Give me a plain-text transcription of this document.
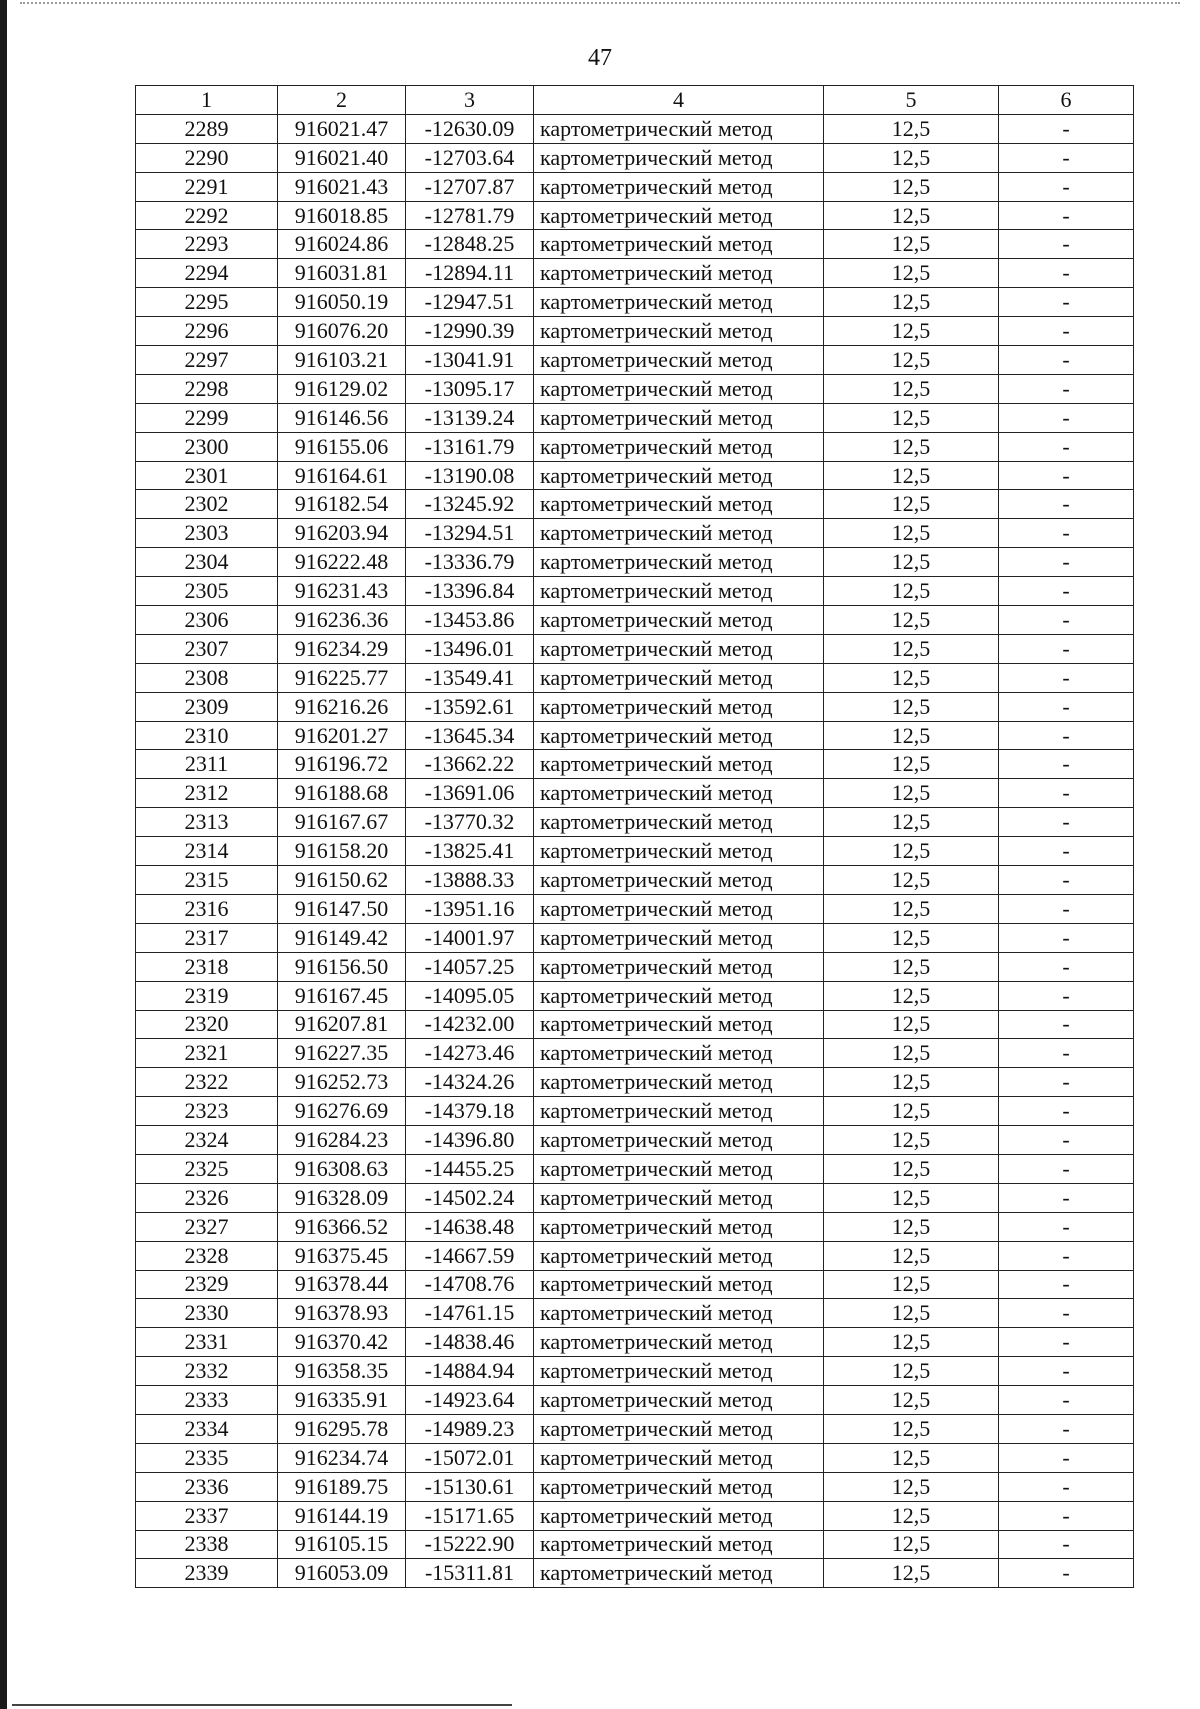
47
1	2	3	4	5	6
2289	916021.47	-12630.09	картометрический метод	12,5	-
2290	916021.40	-12703.64	картометрический метод	12,5	-
2291	916021.43	-12707.87	картометрический метод	12,5	-
2292	916018.85	-12781.79	картометрический метод	12,5	-
2293	916024.86	-12848.25	картометрический метод	12,5	-
2294	916031.81	-12894.11	картометрический метод	12,5	-
2295	916050.19	-12947.51	картометрический метод	12,5	-
2296	916076.20	-12990.39	картометрический метод	12,5	-
2297	916103.21	-13041.91	картометрический метод	12,5	-
2298	916129.02	-13095.17	картометрический метод	12,5	-
2299	916146.56	-13139.24	картометрический метод	12,5	-
2300	916155.06	-13161.79	картометрический метод	12,5	-
2301	916164.61	-13190.08	картометрический метод	12,5	-
2302	916182.54	-13245.92	картометрический метод	12,5	-
2303	916203.94	-13294.51	картометрический метод	12,5	-
2304	916222.48	-13336.79	картометрический метод	12,5	-
2305	916231.43	-13396.84	картометрический метод	12,5	-
2306	916236.36	-13453.86	картометрический метод	12,5	-
2307	916234.29	-13496.01	картометрический метод	12,5	-
2308	916225.77	-13549.41	картометрический метод	12,5	-
2309	916216.26	-13592.61	картометрический метод	12,5	-
2310	916201.27	-13645.34	картометрический метод	12,5	-
2311	916196.72	-13662.22	картометрический метод	12,5	-
2312	916188.68	-13691.06	картометрический метод	12,5	-
2313	916167.67	-13770.32	картометрический метод	12,5	-
2314	916158.20	-13825.41	картометрический метод	12,5	-
2315	916150.62	-13888.33	картометрический метод	12,5	-
2316	916147.50	-13951.16	картометрический метод	12,5	-
2317	916149.42	-14001.97	картометрический метод	12,5	-
2318	916156.50	-14057.25	картометрический метод	12,5	-
2319	916167.45	-14095.05	картометрический метод	12,5	-
2320	916207.81	-14232.00	картометрический метод	12,5	-
2321	916227.35	-14273.46	картометрический метод	12,5	-
2322	916252.73	-14324.26	картометрический метод	12,5	-
2323	916276.69	-14379.18	картометрический метод	12,5	-
2324	916284.23	-14396.80	картометрический метод	12,5	-
2325	916308.63	-14455.25	картометрический метод	12,5	-
2326	916328.09	-14502.24	картометрический метод	12,5	-
2327	916366.52	-14638.48	картометрический метод	12,5	-
2328	916375.45	-14667.59	картометрический метод	12,5	-
2329	916378.44	-14708.76	картометрический метод	12,5	-
2330	916378.93	-14761.15	картометрический метод	12,5	-
2331	916370.42	-14838.46	картометрический метод	12,5	-
2332	916358.35	-14884.94	картометрический метод	12,5	-
2333	916335.91	-14923.64	картометрический метод	12,5	-
2334	916295.78	-14989.23	картометрический метод	12,5	-
2335	916234.74	-15072.01	картометрический метод	12,5	-
2336	916189.75	-15130.61	картометрический метод	12,5	-
2337	916144.19	-15171.65	картометрический метод	12,5	-
2338	916105.15	-15222.90	картометрический метод	12,5	-
2339	916053.09	-15311.81	картометрический метод	12,5	-
